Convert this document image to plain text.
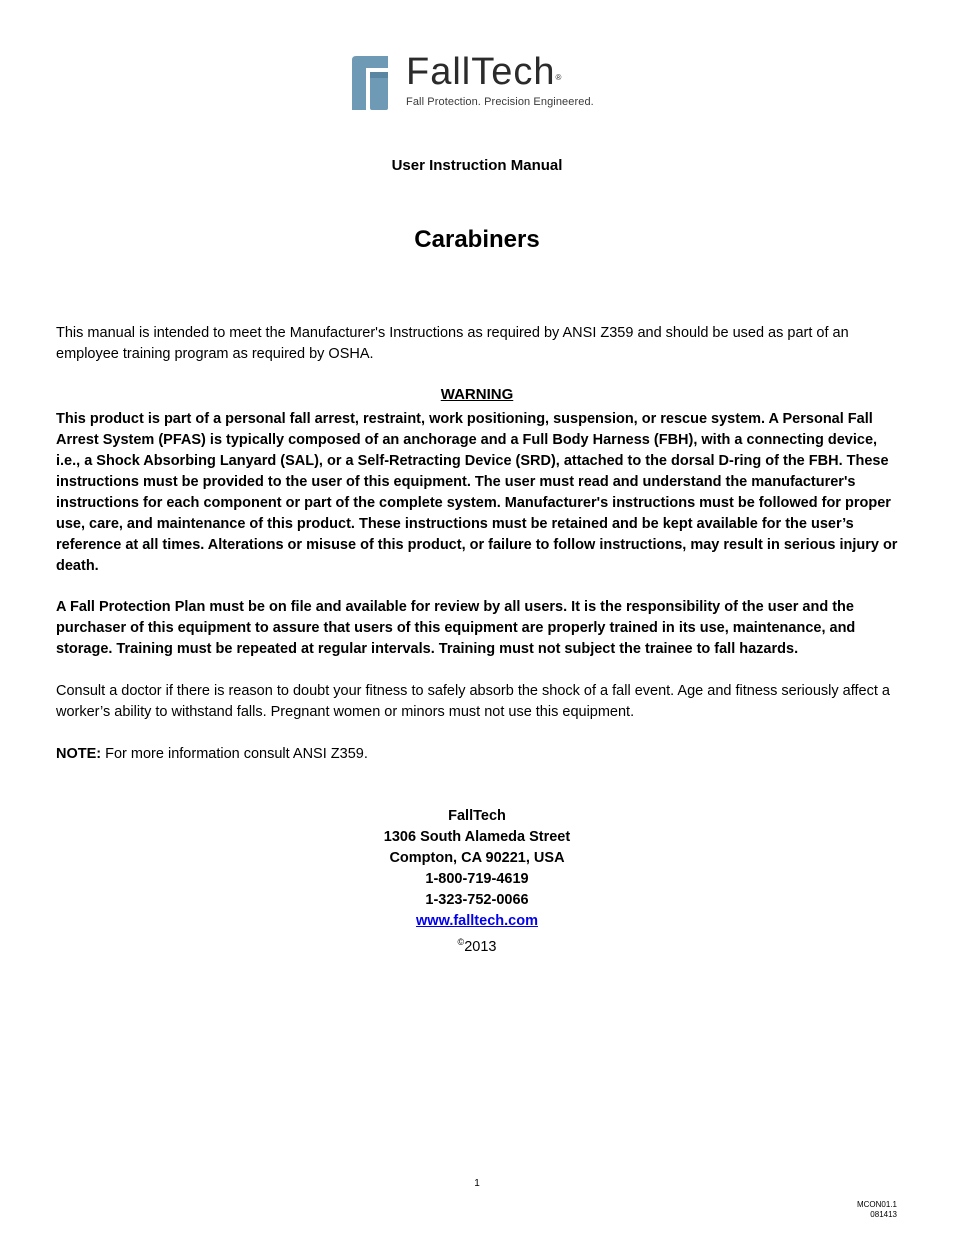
FallTech®
Fall Protection. Precision Engineered.
User Instruction Manual
Carabiners

This manual is intended to meet the Manufacturer's Instructions as required by ANSI Z359 and should be used as part of an employee training program as required by OSHA.

WARNING

This product is part of a personal fall arrest, restraint, work positioning, suspension, or rescue system. A Personal Fall Arrest System (PFAS) is typically composed of an anchorage and a Full Body Harness (FBH), with a connecting device, i.e., a Shock Absorbing Lanyard (SAL), or a Self-Retracting Device (SRD), attached to the dorsal D-ring of the FBH. These instructions must be provided to the user of this equipment. The user must read and understand the manufacturer's instructions for each component or part of the complete system. Manufacturer's instructions must be followed for proper use, care, and maintenance of this product. These instructions must be retained and be kept available for the user’s reference at all times. Alterations or misuse of this product, or failure to follow instructions, may result in serious injury or death.

A Fall Protection Plan must be on file and available for review by all users. It is the responsibility of the user and the purchaser of this equipment to assure that users of this equipment are properly trained in its use, maintenance, and storage. Training must be repeated at regular intervals. Training must not subject the trainee to fall hazards.

Consult a doctor if there is reason to doubt your fitness to safely absorb the shock of a fall event. Age and fitness seriously affect a worker’s ability to withstand falls. Pregnant women or minors must not use this equipment.

NOTE: For more information consult ANSI Z359.

FallTech
1306 South Alameda Street
Compton, CA 90221, USA
1-800-719-4619
1-323-752-0066
www.falltech.com
©2013
1
MCON01.1
081413
